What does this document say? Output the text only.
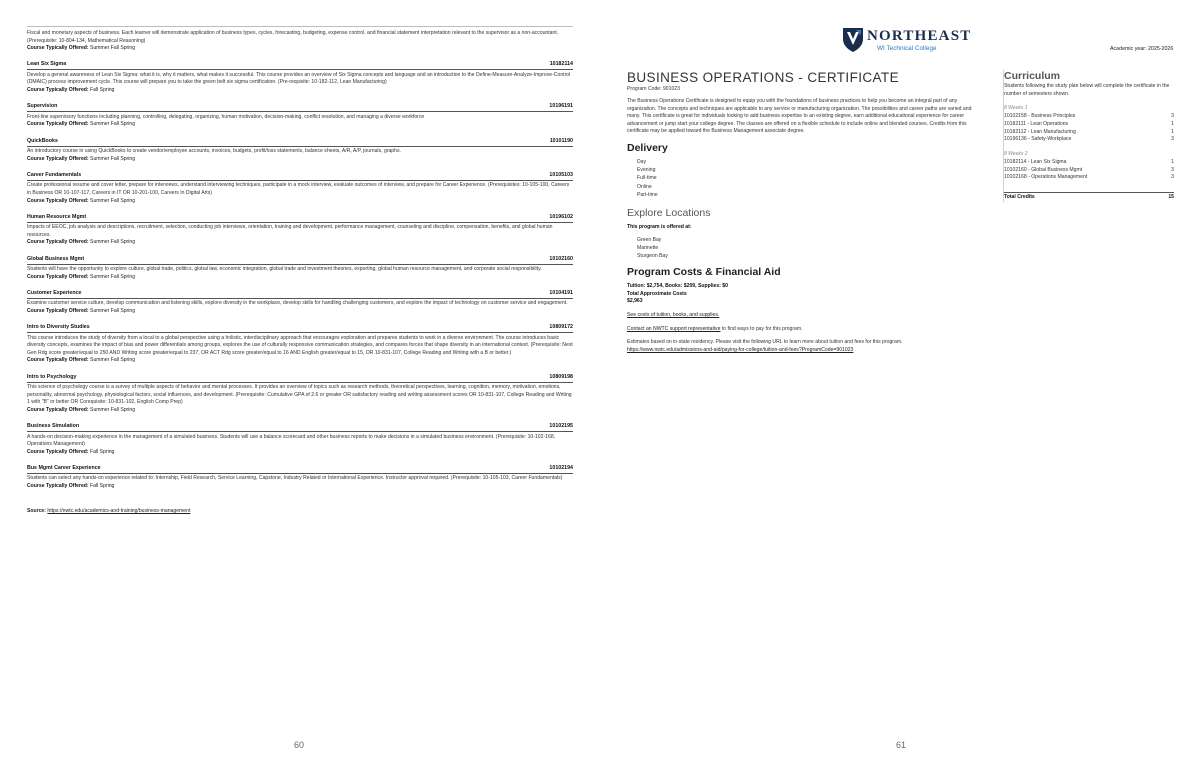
Fiscal and monetary aspects of business. Each learner will demonstrate application of business types, cycles, forecasting, budgeting, expense control, and financial statement interpretation relevant to the supervisor as a non-accountant. (Prerequisite: 10-804-134, Mathematical Reasoning)

Course Typically Offered: Summer Fall Spring

Lean Six Sigma	10182114

Develop a general awareness of Lean Six Sigma: what it is, why it matters, what makes it successful. This course provides an overview of Six Sigma concepts and language and an introduction to the Define-Measure-Analyze-Improve-Control (DMAIC) process improvement cycle. This course will prepare you to take the green belt six sigma certification. (Pre-requisite: 10-182-112, Lean Manufacturing)

Course Typically Offered: Fall Spring

Supervision	10196191

Front-line supervisory functions including planning, controlling, delegating, organizing, human motivation, decision-making, conflict resolution, and managing a diverse workforce

Course Typically Offered: Summer Fall Spring

QuickBooks	10101190

An introductory course in using QuickBooks to create vendor/employee accounts, invoices, budgets, profit/loss statements, balance sheets, A/R, A/P, journals, graphs.

Course Typically Offered: Summer Fall Spring

Career Fundamentals	10105103

Create professional resume and cover letter, prepare for interviews, understand interviewing techniques, participate in a mock interview, evaluate outcomes of interview, and prepare for Career Experience. (Prerequisites: 10-105-100, Careers in Business OR 10-107-117, Careers in IT OR 10-201-100, Careers In Digital Arts)

Course Typically Offered: Summer Fall Spring

Human Resource Mgmt	10196102

Impacts of EEOC, job analysis and descriptions, recruitment, selection, conducting job interviews, orientation, training and development, performance management, counseling and discipline, compensation, benefits, and global human resources.

Course Typically Offered: Summer Fall Spring

Global Business Mgmt	10102160

Students will have the opportunity to explore culture, global trade, politics, global law, economic integration, global trade and investment theories, exporting, global human resource management, and corporate social responsibility.

Course Typically Offered: Summer Fall Spring

Customer Experience	10104191

Examine customer service culture, develop communication and listening skills, explore diversity in the workplace, develop skills for handling challenging customers, and explore the impact of technology on customer service and engagement.

Course Typically Offered: Summer Fall Spring

Intro to Diversity Studies	10809172

This course introduces the study of diversity from a local to a global perspective using a holistic, interdisciplinary approach that encourages exploration and prepares students to work in a diverse environment. The course introduces basic diversity concepts, examines the impact of bias and power differentials among groups, explores the use of culturally responsive communication strategies, and compares forces that shape diversity in an international context. (Prerequisite: Next Gen Rdg score greater/equal to 250 AND Writing score greater/equal to 237, OR ACT Rdg score greater/equal to 16 AND English greater/equal to 15, OR 10-831-107, College Reading and Writing with a B or better.)

Course Typically Offered: Summer Fall Spring

Intro to Psychology	10809198

This science of psychology course is a survey of multiple aspects of behavior and mental processes. It provides an overview of topics such as research methods, theoretical perspectives, learning, cognition, memory, motivation, emotions, personality, abnormal psychology, physiological factors, social influences, and development. (Prerequisite: Cumulative GPA of 2.6 or greater OR satisfactory reading and writing assessment scores OR 10-831-107, College Reading and Writing 1 with "B" or better OR Corequisite: 10-831-102, English Comp Prep)

Course Typically Offered: Summer Fall Spring

Business Simulation	10102195

A hands-on decision-making experience in the management of a simulated business. Students will use a balance scorecard and other business reports to make decisions in a simulated business environment. (Prerequisite: 10-102-168, Operations Management)

Course Typically Offered: Fall Spring

Bus Mgmt Career Experience	10102194

Students can select any hands-on experience related to: Internship, Field Research, Service Learning, Capstone, Industry Related or International Experience. Instructor approval required. (Prerequisite: 10-105-103, Career Fundamentals)

Course Typically Offered: Fall Spring

Source: https://nwtc.edu/academics-and-training/business-management
60
NORTHEAST
WI Technical College	Academic year: 2025-2026
BUSINESS OPERATIONS - CERTIFICATE

Program Code: 901023

The Business Operations Certificate is designed to equip you with the foundations of business practices to help you become an integral part of any organization. The concepts and techniques are applicable to any service or manufacturing organization. The possibilities and career paths are varied and many. This certificate is great for individuals looking to add business expertise to an existing degree, earn additional educational experience for career advancement or jump start your college degree. The classes are offered on a flexible schedule to include online and blended courses. Credits from this certificate may be applied toward the Business Management associate degree.

Delivery
Day
Evening
Full-time
Online
Part-time
Explore Locations

This program is offered at:

Green Bay
Marinette
Sturgeon Bay
Program Costs & Financial Aid

Tuition: $2,754, Books: $209, Supplies: $0

Total Approximate Costs

$2,963

See costs of tuition, books, and supplies.

Contact an NWTC support representative to find ways to pay for this program.

Estimates based on in-state residency. Please visit the following URL to learn more about tuition and fees for this program.

https://www.nwtc.edu/admissions-and-aid/paying-for-college/tuition-and-fees?ProgramCode=901023

Curriculum

Students following the study plan below will complete the certificate in the number of semesters shown.

8 Weeks 1
10102158 - Business Principles	3
10182111 - Lean Operations	1
10182112 - Lean Manufacturing	1
10196136 - Safety-Workplace	3
8 Weeks 2
10182114 - Lean Six Sigma	1
10102160 - Global Business Mgmt	3
10102168 - Operations Management	3
Total Credits	15
61
